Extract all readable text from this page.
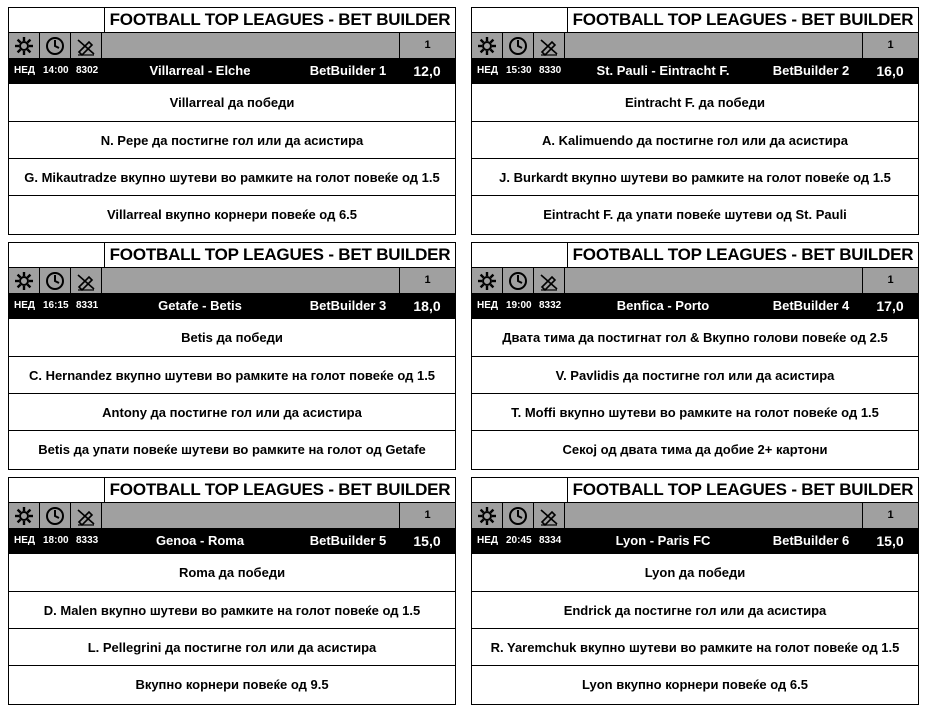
FOOTBALL TOP LEAGUES - BET BUILDER
1
НЕД 14:00 8302	Villarreal - Elche	BetBuilder 1	12,0
Villarreal да победи
N. Pepe да постигне гол или да асистира
G. Mikautradze вкупно шутеви во рамките на голот повеќе од 1.5
Villarreal вкупно корнери повеќе од 6.5
FOOTBALL TOP LEAGUES - BET BUILDER
1
НЕД 15:30 8330	St. Pauli - Eintracht F.	BetBuilder 2	16,0
Eintracht F. да победи
A. Kalimuendo да постигне гол или да асистира
J. Burkardt вкупно шутеви во рамките на голот повеќе од 1.5
Eintracht F. да упати повеќе шутеви од St. Pauli
FOOTBALL TOP LEAGUES - BET BUILDER
1
НЕД 16:15 8331	Getafe - Betis	BetBuilder 3	18,0
Betis да победи
C. Hernandez вкупно шутеви во рамките на голот повеќе од 1.5
Antony да постигне гол или да асистира
Betis да упати повеќе шутеви во рамките на голот од Getafe
FOOTBALL TOP LEAGUES - BET BUILDER
1
НЕД 19:00 8332	Benfica - Porto	BetBuilder 4	17,0
Двата тима да постигнат гол & Вкупно голови повеќе од 2.5
V. Pavlidis да постигне гол или да асистира
T. Moffi вкупно шутеви во рамките на голот повеќе од 1.5
Секој од двата тима да добие 2+ картони
FOOTBALL TOP LEAGUES - BET BUILDER
1
НЕД 18:00 8333	Genoa - Roma	BetBuilder 5	15,0
Roma да победи
D. Malen вкупно шутеви во рамките на голот повеќе од 1.5
L. Pellegrini да постигне гол или да асистира
Вкупно корнери повеќе од 9.5
FOOTBALL TOP LEAGUES - BET BUILDER
1
НЕД 20:45 8334	Lyon - Paris FC	BetBuilder 6	15,0
Lyon да победи
Endrick да постигне гол или да асистира
R. Yaremchuk вкупно шутеви во рамките на голот повеќе од 1.5
Lyon вкупно корнери повеќе од 6.5
